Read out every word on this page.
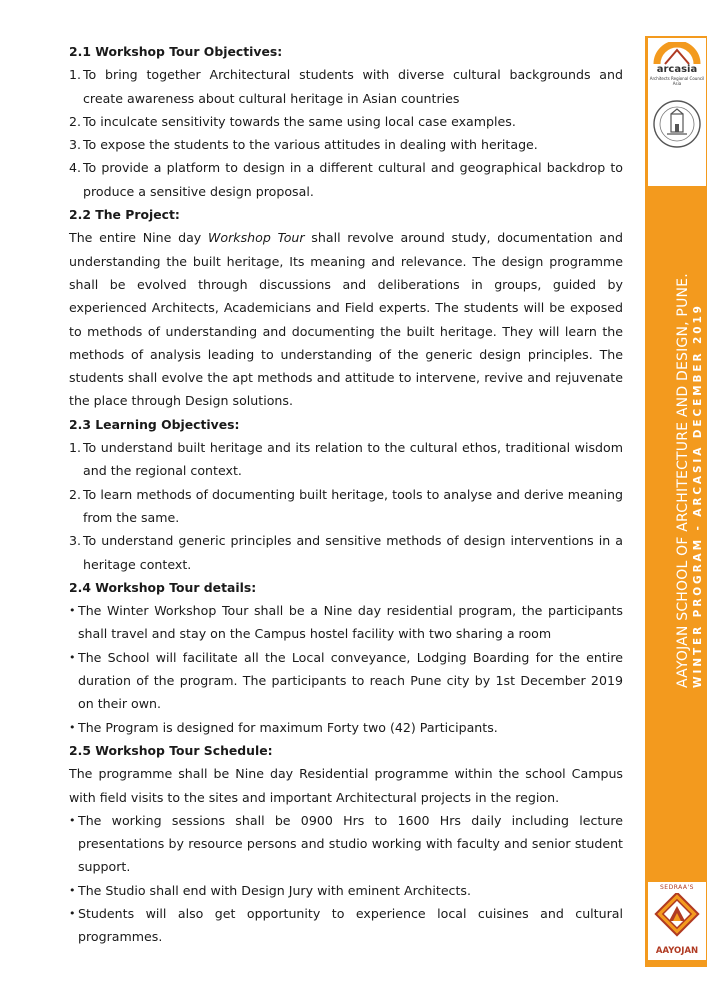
2.1 Workshop Tour Objectives:

1. To bring together Architectural students with diverse cultural backgrounds and create awareness about cultural heritage in Asian countries
2. To inculcate sensitivity towards the same using local case examples.
3. To expose the students to the various attitudes in dealing with heritage.
4. To provide a platform to design in a different cultural and geographical backdrop to produce a sensitive design proposal.

2.2 The Project:

The entire Nine day Workshop Tour shall revolve around study, documentation and understanding the built heritage, Its meaning and relevance. The design programme shall be evolved through discussions and deliberations in groups, guided by experienced Architects, Academicians and Field experts. The students will be exposed to methods of understanding and documenting the built heritage. They will learn the methods of analysis leading to understanding of the generic design principles. The students shall evolve the apt methods and attitude to intervene, revive and rejuvenate the place through Design solutions.

2.3 Learning Objectives:

1. To understand built heritage and its relation to the cultural ethos, traditional wisdom and the regional context.
2. To learn methods of documenting built heritage, tools to analyse and derive meaning from the same.
3. To understand generic principles and sensitive methods of design interventions in a heritage context.

2.4 Workshop Tour details:

• The Winter Workshop Tour shall be a Nine day residential program, the participants shall travel and stay on the Campus hostel facility with two sharing a room
• The School will facilitate all the Local conveyance, Lodging Boarding for the entire duration of the program. The participants to reach Pune city by 1st December 2019 on their own.
• The Program is designed for maximum Forty two (42) Participants.

2.5 Workshop Tour Schedule:

The programme shall be Nine day Residential programme within the school Campus with field visits to the sites and important Architectural projects in the region.

• The working sessions shall be 0900 Hrs to 1600 Hrs daily including lecture presentations by resource persons and studio working with faculty and senior student support.
• The Studio shall end with Design Jury with eminent Architects.
• Students will also get opportunity to experience local cuisines and cultural programmes.
arcasia
Architects Regional Council Asia
AAYOJAN SCHOOL OF ARCHITECTURE AND DESIGN, PUNE. WINTER PROGRAM - ARCASIA DECEMBER 2019
SEDRAA'S
AAYOJAN
